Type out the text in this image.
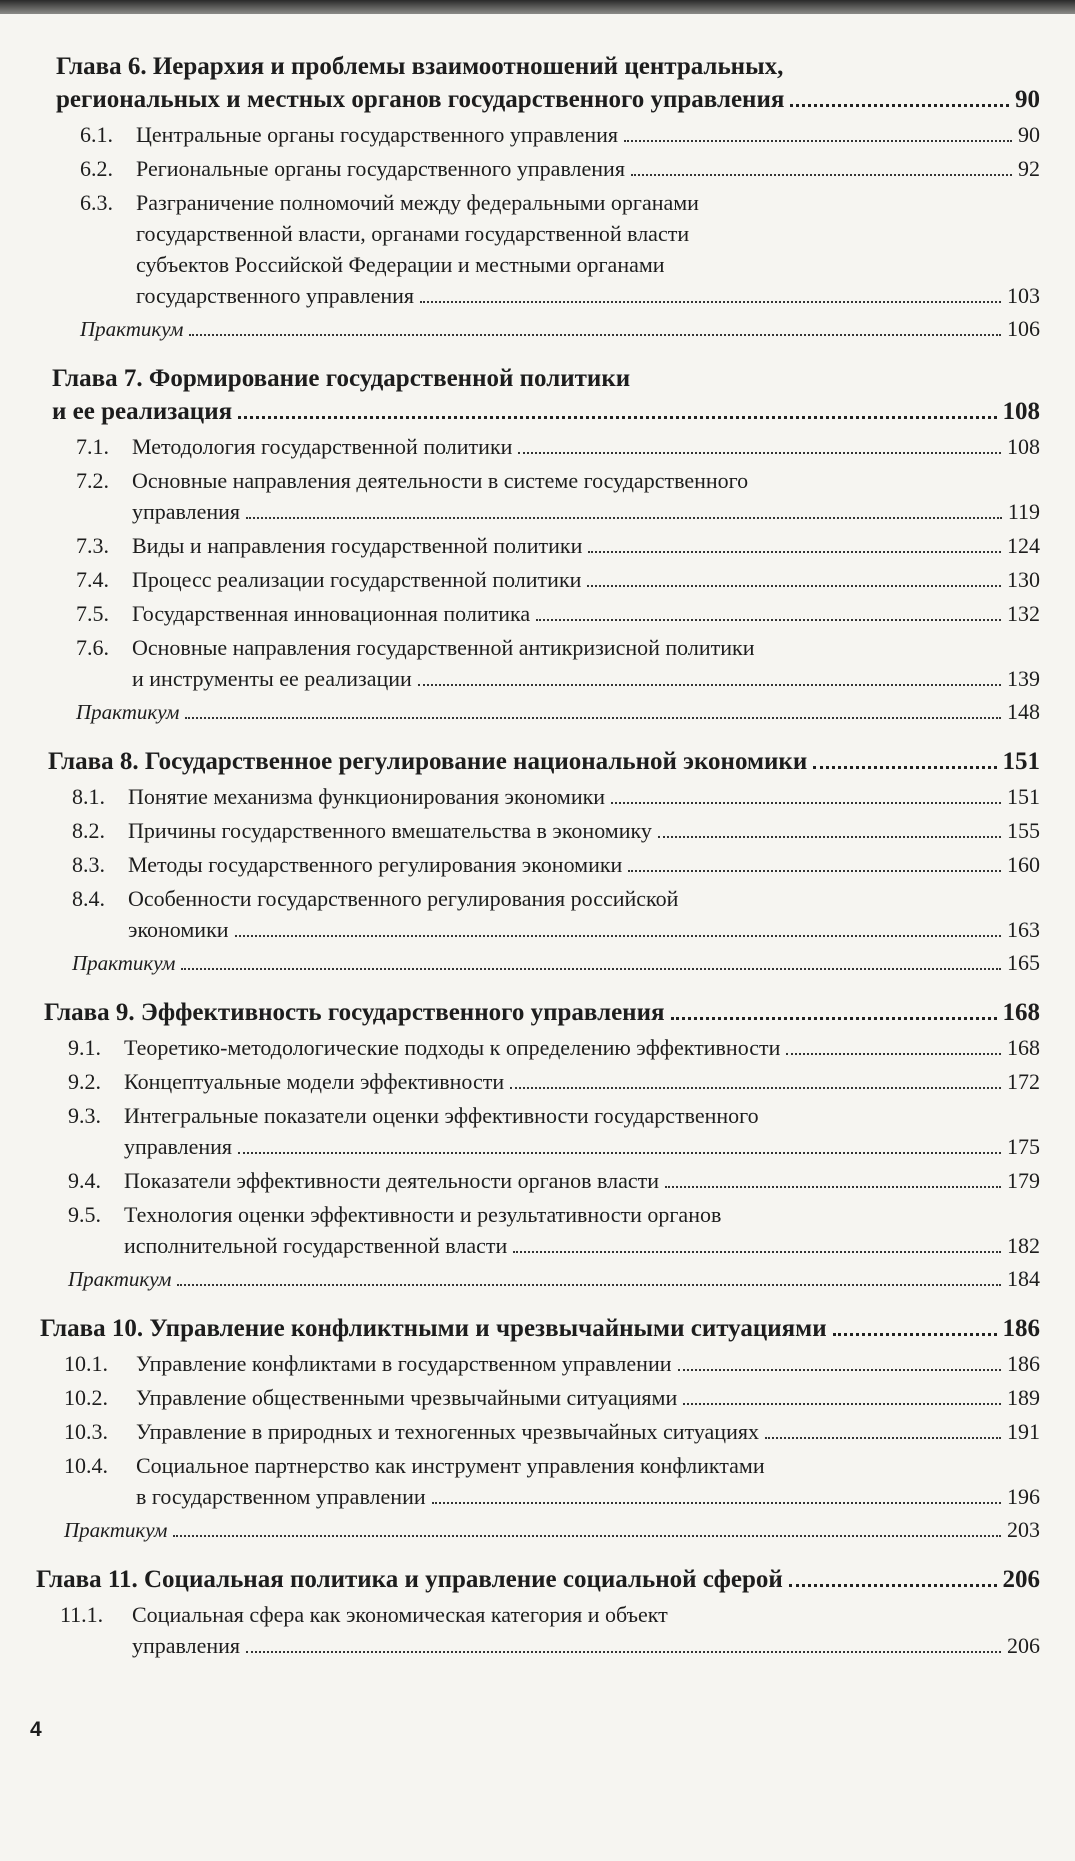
Глава 6. Иерархия и проблемы взаимоотношений центральных,
региональных и местных органов государственного управления	90
6.1.	Центральные органы государственного управления	90
6.2.	Региональные органы государственного управления	92
6.3.	Разграничение полномочий между федеральными органами
государственной власти, органами государственной власти
субъектов Российской Федерации и местными органами
государственного управления	103
Практикум	106
Глава 7. Формирование государственной политики
и ее реализация	108
7.1.	Методология государственной политики	108
7.2.	Основные направления деятельности в системе государственного
управления	119
7.3.	Виды и направления государственной политики	124
7.4.	Процесс реализации государственной политики	130
7.5.	Государственная инновационная политика	132
7.6.	Основные направления государственной антикризисной политики
и инструменты ее реализации	139
Практикум	148
Глава 8. Государственное регулирование национальной экономики	151
8.1.	Понятие механизма функционирования экономики	151
8.2.	Причины государственного вмешательства в экономику	155
8.3.	Методы государственного регулирования экономики	160
8.4.	Особенности государственного регулирования российской
экономики	163
Практикум	165
Глава 9. Эффективность государственного управления	168
9.1.	Теоретико-методологические подходы к определению эффективности	168
9.2.	Концептуальные модели эффективности	172
9.3.	Интегральные показатели оценки эффективности государственного
управления	175
9.4.	Показатели эффективности деятельности органов власти	179
9.5.	Технология оценки эффективности и результативности органов
исполнительной государственной власти	182
Практикум	184
Глава 10. Управление конфликтными и чрезвычайными ситуациями	186
10.1.	Управление конфликтами в государственном управлении	186
10.2.	Управление общественными чрезвычайными ситуациями	189
10.3.	Управление в природных и техногенных чрезвычайных ситуациях	191
10.4.	Социальное партнерство как инструмент управления конфликтами
в государственном управлении	196
Практикум	203
Глава 11. Социальная политика и управление социальной сферой	206
11.1.	Социальная сфера как экономическая категория и объект
управления	206
4
